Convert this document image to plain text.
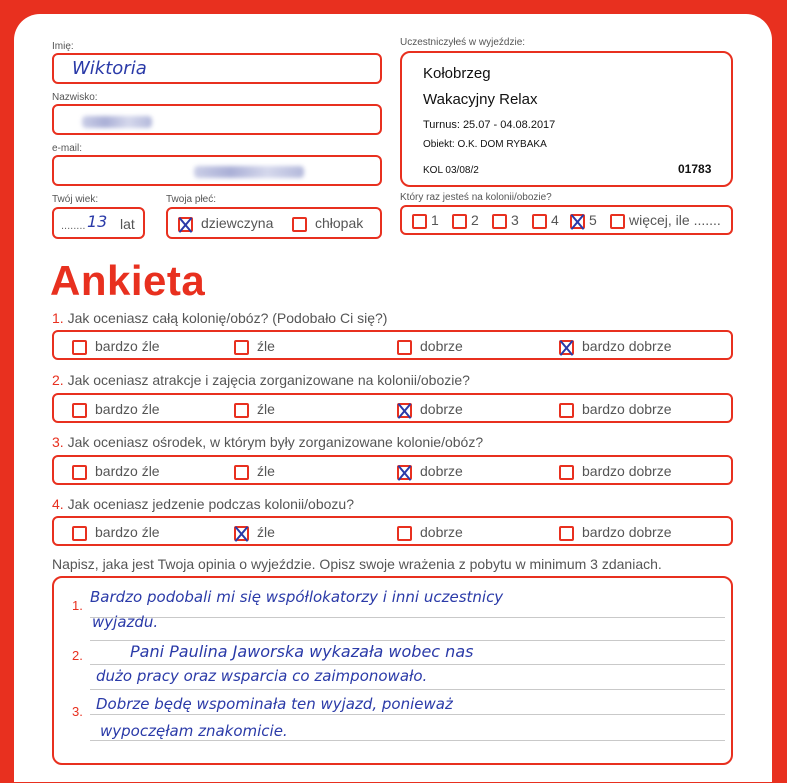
Imię:
Wiktoria
Nazwisko:
e-mail:
Twój wiek:
........ 13 lat
Twoja płeć:
dziewczyna	chłopak
Uczestniczyłeś w wyjeździe:
Kołobrzeg
Wakacyjny Relax
Turnus: 25.07 - 04.08.2017
Obiekt: O.K. DOM RYBAKA
KOL 03/08/2	01783
Który raz jesteś na kolonii/obozie?
1	2	3	4	5	więcej, ile .......
Ankieta
1. Jak oceniasz całą kolonię/obóz? (Podobało Ci się?)
bardzo źle	źle	dobrze	bardzo dobrze
2. Jak oceniasz atrakcje i zajęcia zorganizowane na kolonii/obozie?
bardzo źle	źle	dobrze	bardzo dobrze
3. Jak oceniasz ośrodek, w którym były zorganizowane kolonie/obóz?
bardzo źle	źle	dobrze	bardzo dobrze
4. Jak oceniasz jedzenie podczas kolonii/obozu?
bardzo źle	źle	dobrze	bardzo dobrze
Napisz, jaka jest Twoja opinia o wyjeździe. Opisz swoje wrażenia z pobytu w minimum 3 zdaniach.
1.
2.
3.
Bardzo podobali mi się współlokatorzy i inni uczestnicy
wyjazdu.
Pani Paulina Jaworska wykazała wobec nas
dużo pracy oraz wsparcia co zaimponowało.
Dobrze będę wspominała ten wyjazd, ponieważ
wypoczęłam znakomicie.
